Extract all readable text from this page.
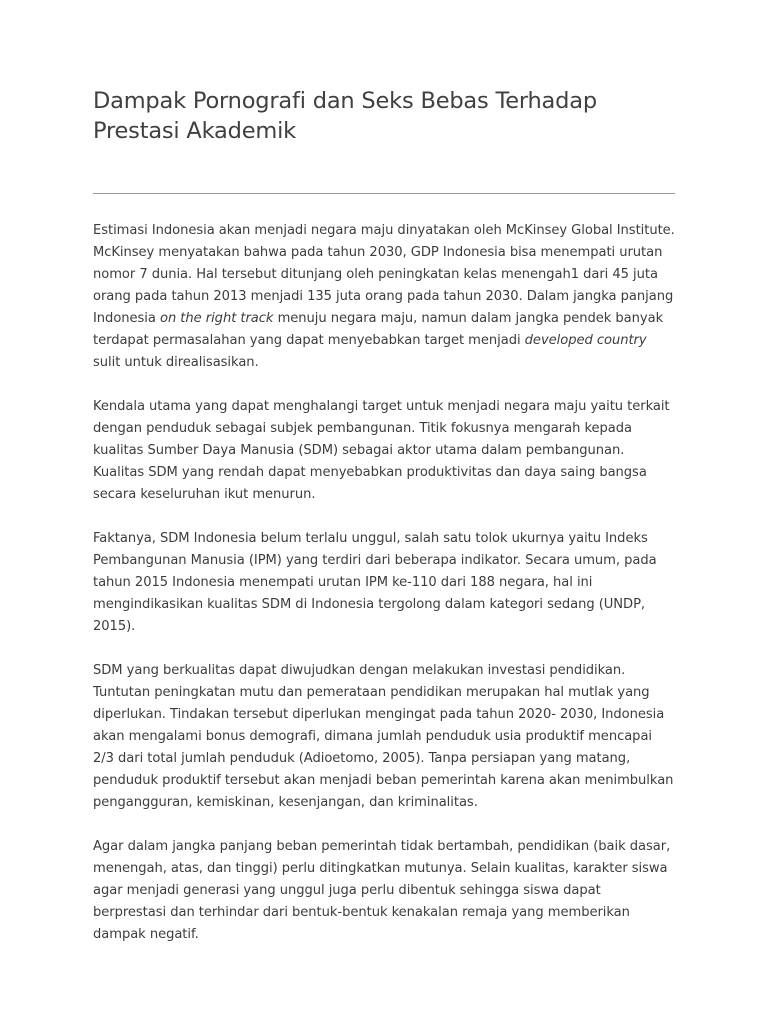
Dampak Pornografi dan Seks Bebas Terhadap Prestasi Akademik

Estimasi Indonesia akan menjadi negara maju dinyatakan oleh McKinsey Global Institute. McKinsey menyatakan bahwa pada tahun 2030, GDP Indonesia bisa menempati urutan nomor 7 dunia. Hal tersebut ditunjang oleh peningkatan kelas menengah1 dari 45 juta orang pada tahun 2013 menjadi 135 juta orang pada tahun 2030. Dalam jangka panjang Indonesia on the right track menuju negara maju, namun dalam jangka pendek banyak terdapat permasalahan yang dapat menyebabkan target menjadi developed country sulit untuk direalisasikan.

Kendala utama yang dapat menghalangi target untuk menjadi negara maju yaitu terkait dengan penduduk sebagai subjek pembangunan. Titik fokusnya mengarah kepada kualitas Sumber Daya Manusia (SDM) sebagai aktor utama dalam pembangunan. Kualitas SDM yang rendah dapat menyebabkan produktivitas dan daya saing bangsa secara keseluruhan ikut menurun.

Faktanya, SDM Indonesia belum terlalu unggul, salah satu tolok ukurnya yaitu Indeks Pembangunan Manusia (IPM) yang terdiri dari beberapa indikator. Secara umum, pada tahun 2015 Indonesia menempati urutan IPM ke-110 dari 188 negara, hal ini mengindikasikan kualitas SDM di Indonesia tergolong dalam kategori sedang (UNDP, 2015).

SDM yang berkualitas dapat diwujudkan dengan melakukan investasi pendidikan. Tuntutan peningkatan mutu dan pemerataan pendidikan merupakan hal mutlak yang diperlukan. Tindakan tersebut diperlukan mengingat pada tahun 2020- 2030, Indonesia akan mengalami bonus demografi, dimana jumlah penduduk usia produktif mencapai 2/3 dari total jumlah penduduk (Adioetomo, 2005). Tanpa persiapan yang matang, penduduk produktif tersebut akan menjadi beban pemerintah karena akan menimbulkan pengangguran, kemiskinan, kesenjangan, dan kriminalitas.

Agar dalam jangka panjang beban pemerintah tidak bertambah, pendidikan (baik dasar, menengah, atas, dan tinggi) perlu ditingkatkan mutunya. Selain kualitas, karakter siswa agar menjadi generasi yang unggul juga perlu dibentuk sehingga siswa dapat berprestasi dan terhindar dari bentuk-bentuk kenakalan remaja yang memberikan dampak negatif.
